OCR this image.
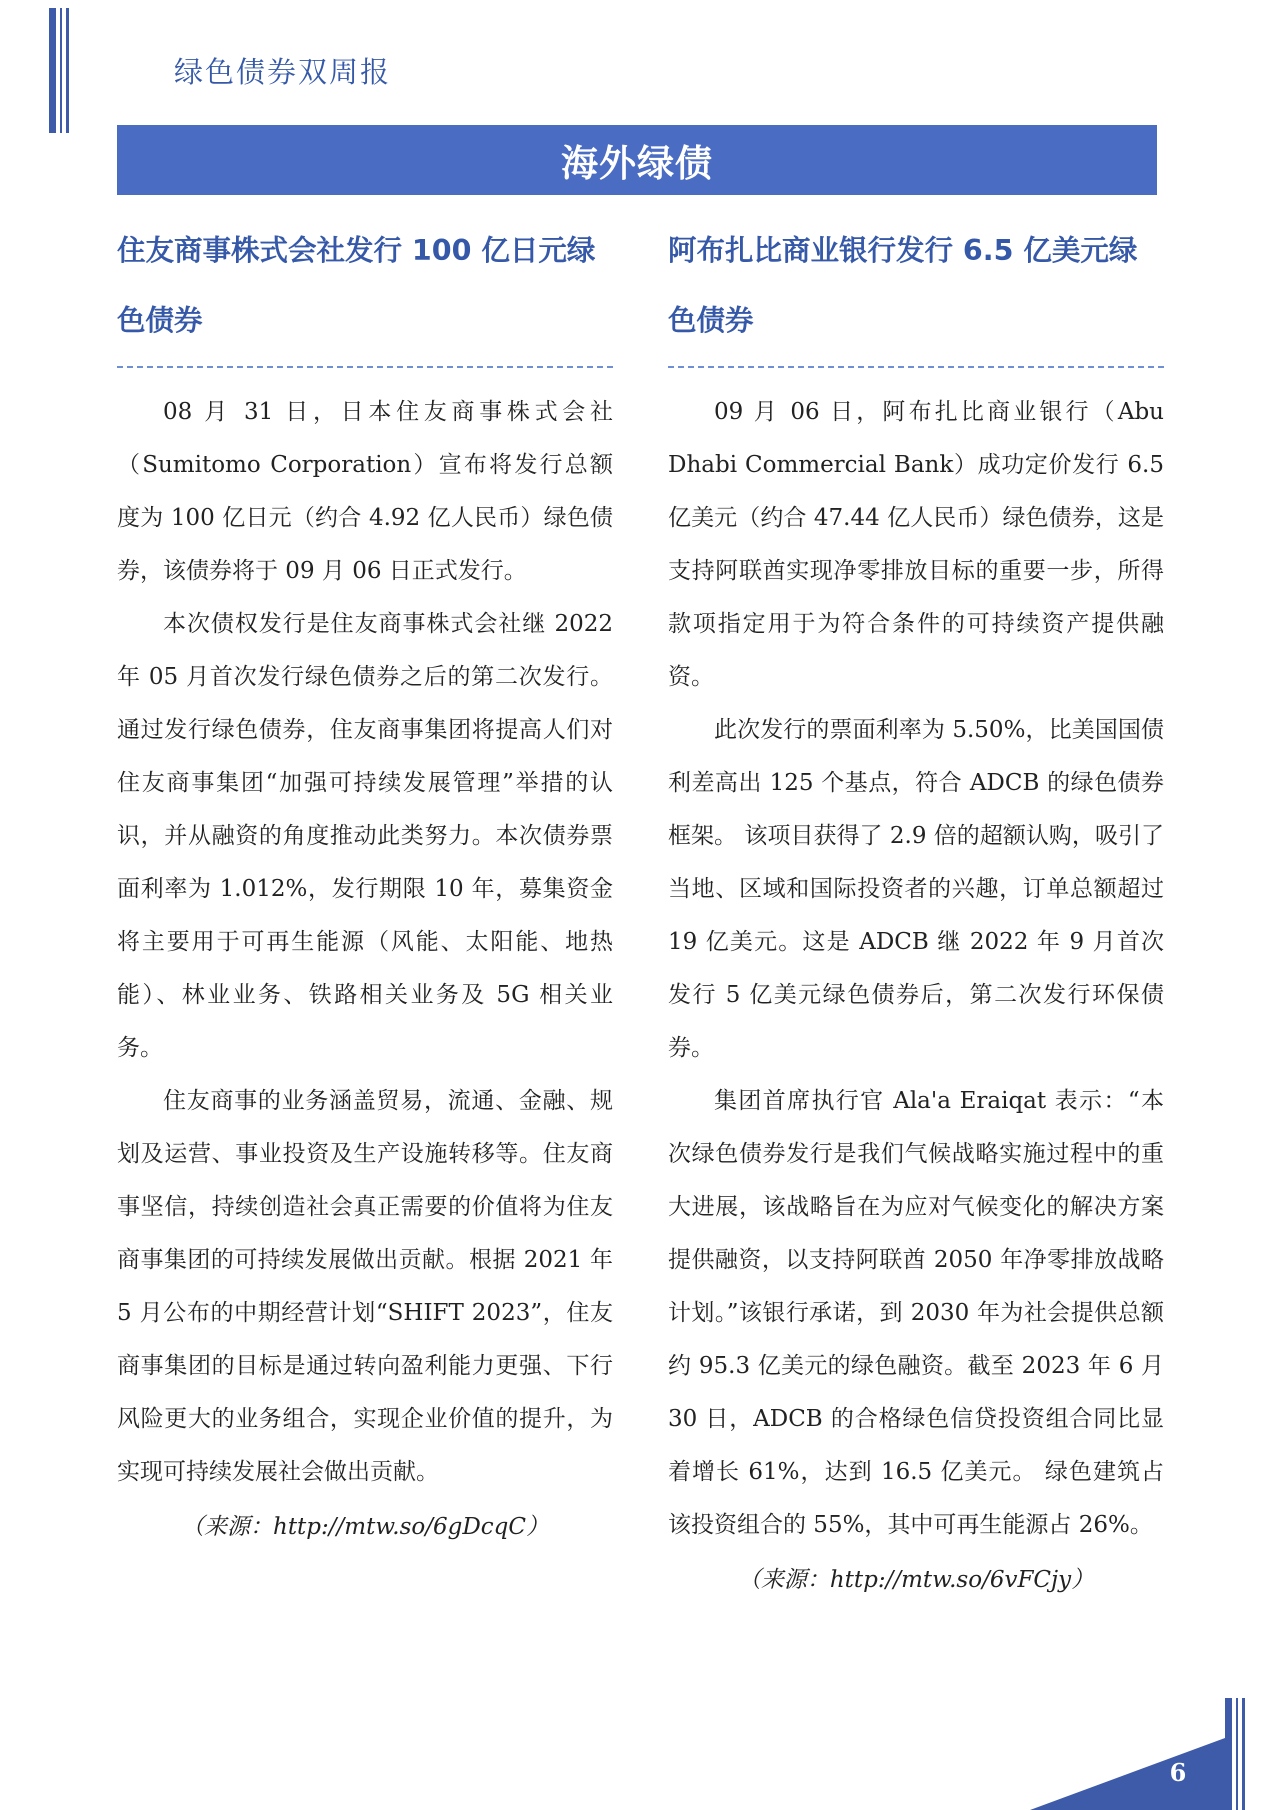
绿色债券双周报
海外绿债
住友商事株式会社发行 100 亿日元绿色债券

08 月 31 日，日本住友商事株式会社（Sumitomo Corporation）宣布将发行总额度为 100 亿日元（约合 4.92 亿人民币）绿色债券，该债券将于 09 月 06 日正式发行。

本次债权发行是住友商事株式会社继 2022 年 05 月首次发行绿色债券之后的第二次发行。通过发行绿色债券，住友商事集团将提高人们对住友商事集团“加强可持续发展管理”举措的认识，并从融资的角度推动此类努力。本次债券票面利率为 1.012%，发行期限 10 年，募集资金将主要用于可再生能源（风能、太阳能、地热能）、林业业务、铁路相关业务及 5G 相关业务。

住友商事的业务涵盖贸易，流通、金融、规划及运营、事业投资及生产设施转移等。住友商事坚信，持续创造社会真正需要的价值将为住友商事集团的可持续发展做出贡献。根据 2021 年 5 月公布的中期经营计划“SHIFT 2023”，住友商事集团的目标是通过转向盈利能力更强、下行风险更大的业务组合，实现企业价值的提升，为实现可持续发展社会做出贡献。

（来源：http://mtw.so/6gDcqC）

阿布扎比商业银行发行 6.5 亿美元绿色债券

09 月 06 日，阿布扎比商业银行（Abu Dhabi Commercial Bank）成功定价发行 6.5 亿美元（约合 47.44 亿人民币）绿色债券，这是支持阿联酋实现净零排放目标的重要一步，所得款项指定用于为符合条件的可持续资产提供融资。

此次发行的票面利率为 5.50%，比美国国债利差高出 125 个基点，符合 ADCB 的绿色债券框架。 该项目获得了 2.9 倍的超额认购，吸引了当地、区域和国际投资者的兴趣，订单总额超过 19 亿美元。这是 ADCB 继 2022 年 9 月首次发行 5 亿美元绿色债券后，第二次发行环保债券。

集团首席执行官 Ala'a Eraiqat 表示：“本次绿色债券发行是我们气候战略实施过程中的重大进展，该战略旨在为应对气候变化的解决方案提供融资，以支持阿联酋 2050 年净零排放战略计划。”该银行承诺，到 2030 年为社会提供总额约 95.3 亿美元的绿色融资。截至 2023 年 6 月 30 日，ADCB 的合格绿色信贷投资组合同比显着增长 61%，达到 16.5 亿美元。 绿色建筑占该投资组合的 55%，其中可再生能源占 26%。

（来源：http://mtw.so/6vFCjy）

6
